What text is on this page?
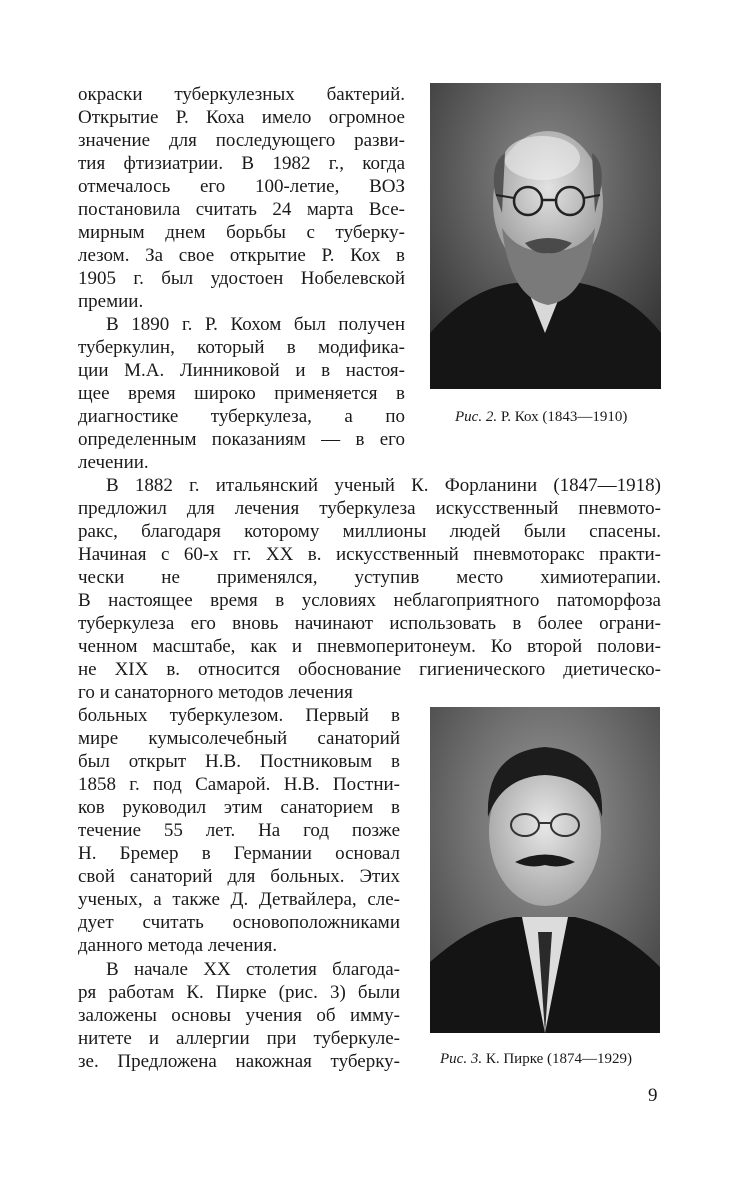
окраски туберкулезных бактерий.

Открытие Р. Коха имело огромное

значение для последующего разви-

тия фтизиатрии. В 1982 г., когда

отмечалось его 100-летие, ВОЗ

постановила считать 24 марта Все-

мирным днем борьбы с туберку-

лезом. За свое открытие Р. Кох в

1905 г. был удостоен Нобелевской

премии.

В 1890 г. Р. Кохом был получен

туберкулин, который в модифика-

ции М.А. Линниковой и в настоя-

щее время широко применяется в

диагностике туберкулеза, а по

определенным показаниям — в его

лечении.

В 1882 г. итальянский ученый К. Форланини (1847—1918)

предложил для лечения туберкулеза искусственный пневмото-

ракс, благодаря которому миллионы людей были спасены.

Начиная с 60-х гг. XX в. искусственный пневмоторакс практи-

чески не применялся, уступив место химиотерапии.

В настоящее время в условиях неблагоприятного патоморфоза

туберкулеза его вновь начинают использовать в более ограни-

ченном масштабе, как и пневмоперитонеум. Ко второй полови-

не XIX в. относится обоснование гигиенического диетическо-

го и санаторного методов лечения

больных туберкулезом. Первый в

мире кумысолечебный санаторий

был открыт Н.В. Постниковым в

1858 г. под Самарой. Н.В. Постни-

ков руководил этим санаторием в

течение 55 лет. На год позже

Н. Бремер в Германии основал

свой санаторий для больных. Этих

ученых, а также Д. Детвайлера, сле-

дует считать основоположниками

данного метода лечения.

В начале XX столетия благода-

ря работам К. Пирке (рис. 3) были

заложены основы учения об имму-

нитете и аллергии при туберкуле-

зе. Предложена накожная туберку-

Рис. 2. Р. Кох (1843—1910)
Рис. 3. К. Пирке (1874—1929)
9
